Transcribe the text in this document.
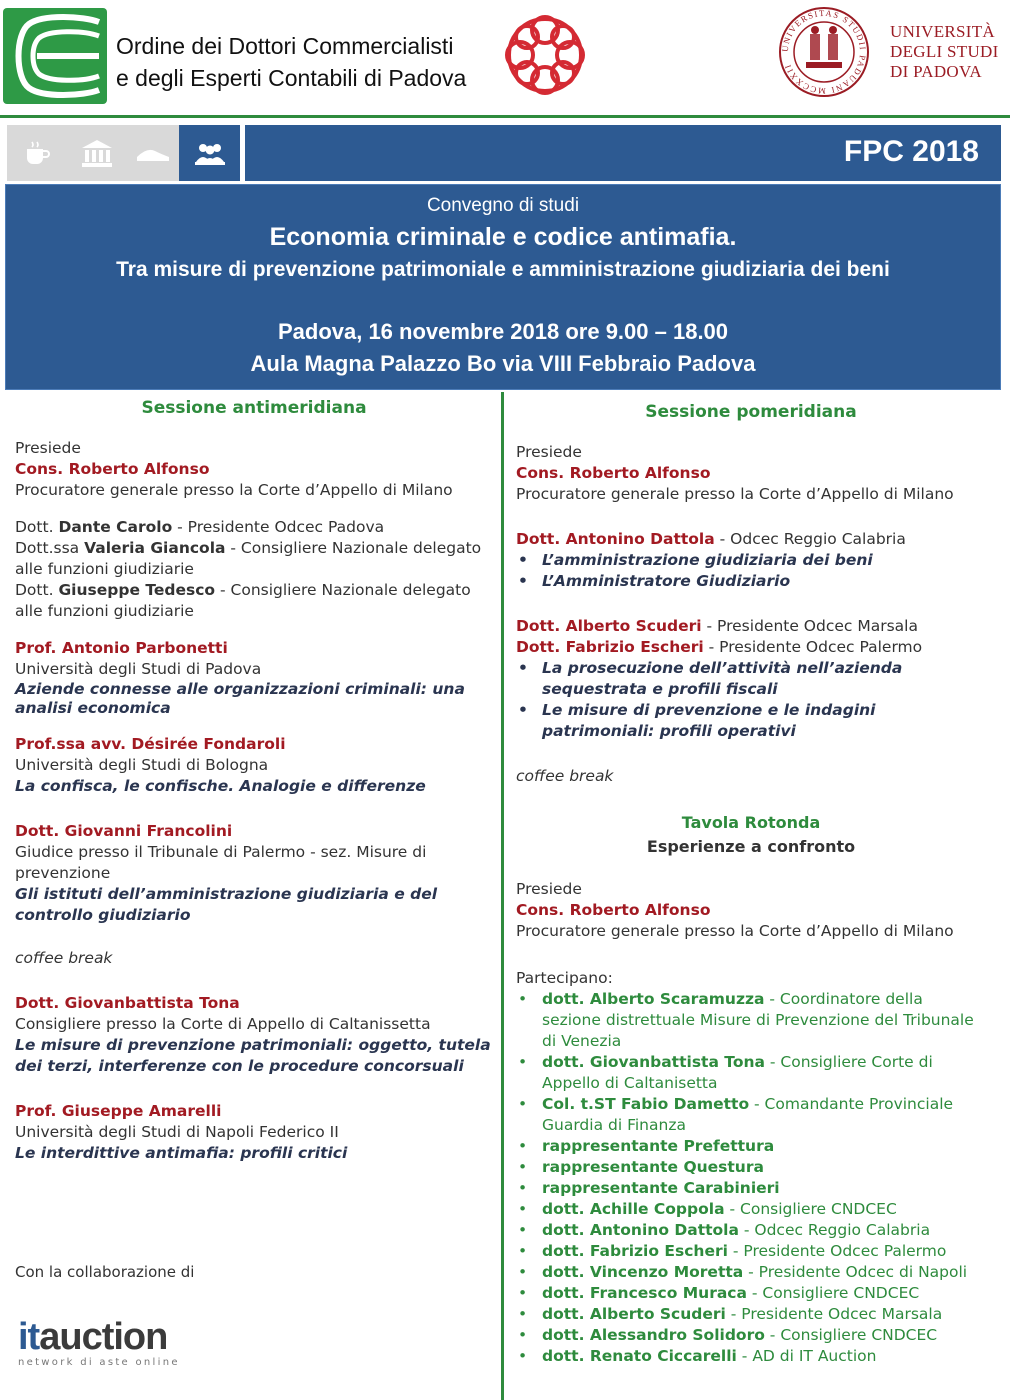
Ordine dei Dottori Commercialisti
e degli Esperti Contabili di Padova
UNIVERSITAS STUDII PADUANI MCCXXII
UNIVERSITÀ
DEGLI STUDI
DI PADOVA
FPC 2018
Convegno di studi
Economia criminale e codice antimafia.
Tra misure di prevenzione patrimoniale e amministrazione giudiziaria dei beni
Padova, 16 novembre 2018 ore 9.00 – 18.00
Aula Magna Palazzo Bo via VIII Febbraio Padova
Sessione antimeridiana
Presiede
Cons. Roberto Alfonso
Procuratore generale presso la Corte d’Appello di Milano
Dott. Dante Carolo - Presidente Odcec Padova
Dott.ssa Valeria Giancola - Consigliere Nazionale delegato alle funzioni giudiziarie
Dott. Giuseppe Tedesco - Consigliere Nazionale delegato alle funzioni giudiziarie
Prof. Antonio Parbonetti
Università degli Studi di Padova
Aziende connesse alle organizzazioni criminali: una analisi economica
Prof.ssa avv. Désirée Fondaroli
Università degli Studi di Bologna
La confisca, le confische. Analogie e differenze
Dott. Giovanni Francolini
Giudice presso il Tribunale di Palermo - sez. Misure di prevenzione
Gli istituti dell’amministrazione giudiziaria e del controllo giudiziario
coffee break
Dott. Giovanbattista Tona
Consigliere presso la Corte di Appello di Caltanissetta
Le misure di prevenzione patrimoniali: oggetto, tutela dei terzi, interferenze con le procedure concorsuali
Prof. Giuseppe Amarelli
Università degli Studi di Napoli Federico II
Le interdittive antimafia: profili critici
Sessione pomeridiana
Presiede
Cons. Roberto Alfonso
Procuratore generale presso la Corte d’Appello di Milano
Dott. Antonino Dattola - Odcec Reggio Calabria
• L’amministrazione giudiziaria dei beni
• L’Amministratore Giudiziario
Dott. Alberto Scuderi - Presidente Odcec Marsala
Dott. Fabrizio Escheri - Presidente Odcec Palermo
• La prosecuzione dell’attività nell’azienda sequestrata e profili fiscali
• Le misure di prevenzione e le indagini patrimoniali: profili operativi
coffee break
Tavola Rotonda
Esperienze a confronto
Presiede
Cons. Roberto Alfonso
Procuratore generale presso la Corte d’Appello di Milano
Partecipano:
• dott. Alberto Scaramuzza - Coordinatore della sezione distrettuale Misure di Prevenzione del Tribunale di Venezia
• dott. Giovanbattista Tona - Consigliere Corte di Appello di Caltanisetta
• Col. t.ST Fabio Dametto - Comandante Provinciale Guardia di Finanza
• rappresentante Prefettura
• rappresentante Questura
• rappresentante Carabinieri
• dott. Achille Coppola - Consigliere CNDCEC
• dott. Antonino Dattola - Odcec Reggio Calabria
• dott. Fabrizio Escheri - Presidente Odcec Palermo
• dott. Vincenzo Moretta - Presidente Odcec di Napoli
• dott. Francesco Muraca - Consigliere CNDCEC
• dott. Alberto Scuderi - Presidente Odcec Marsala
• dott. Alessandro Solidoro - Consigliere CNDCEC
• dott. Renato Ciccarelli - AD di IT Auction
Con la collaborazione di
itauction
network di aste online
